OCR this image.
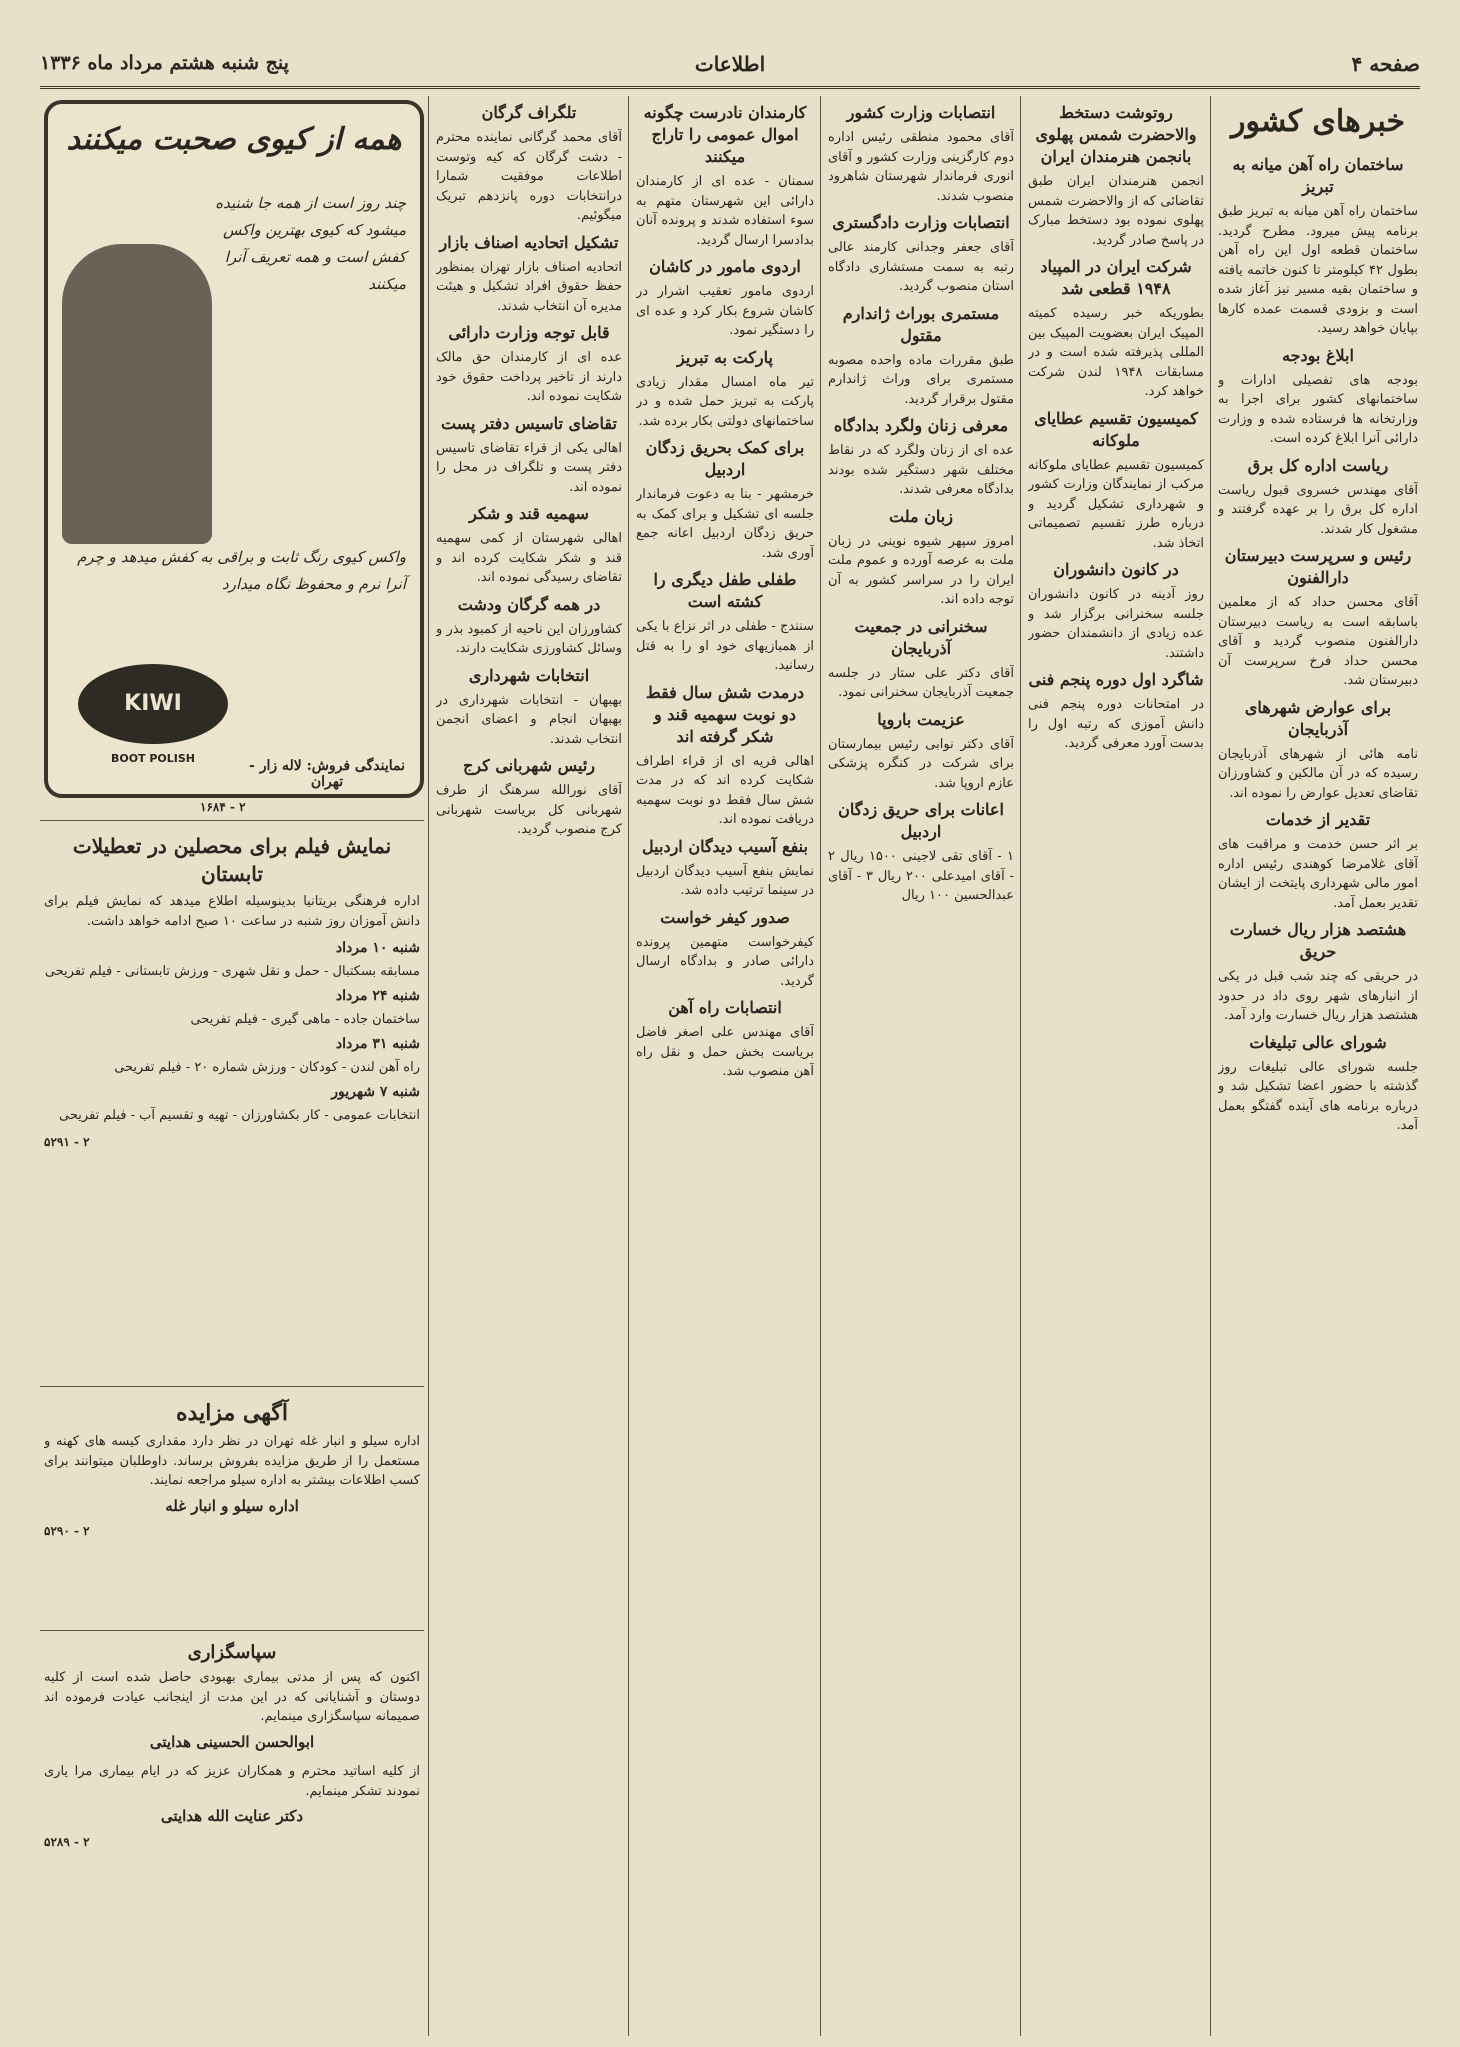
صفحه ۴
اطلاعات
پنج شنبه هشتم مرداد ماه ۱۳۳۶
خبرهای کشور
ساختمان راه آهن میانه به تبریز

ساختمان راه آهن میانه به تبریز طبق برنامه پیش میرود. مطرح گردید. ساختمان قطعه اول این راه آهن بطول ۴۲ کیلومتر تا کنون خاتمه یافته و ساختمان بقیه مسیر نیز آغاز شده است و بزودی قسمت عمده کارها بپایان خواهد رسید.

ابلاغ بودجه

بودجه های تفصیلی ادارات و ساختمانهای کشور برای اجرا به وزارتخانه ها فرستاده شده و وزارت دارائی آنرا ابلاغ کرده است.

ریاست اداره کل برق

آقای مهندس خسروی قبول ریاست اداره کل برق را بر عهده گرفتند و مشغول کار شدند.

رئیس و سرپرست دبیرستان دارالفنون

آقای محسن حداد که از معلمین باسابقه است به ریاست دبیرستان دارالفنون منصوب گردید و آقای محسن حداد فرخ سرپرست آن دبیرستان شد.

برای عوارض شهرهای آذربایجان

نامه هائی از شهرهای آذربایجان رسیده که در آن مالکین و کشاورزان تقاضای تعدیل عوارض را نموده اند.

تقدیر از خدمات

بر اثر حسن خدمت و مراقبت های آقای غلامرضا کوهندی رئیس اداره امور مالی شهرداری پایتخت از ایشان تقدیر بعمل آمد.

هشتصد هزار ریال خسارت حریق

در حریقی که چند شب قبل در یکی از انبارهای شهر روی داد در حدود هشتصد هزار ریال خسارت وارد آمد.

شورای عالی تبلیغات

جلسه شورای عالی تبلیغات روز گذشته با حضور اعضا تشکیل شد و درباره برنامه های آینده گفتگو بعمل آمد.

روتوشت دستخط والاحضرت شمس پهلوی بانجمن هنرمندان ایران

انجمن هنرمندان ایران طبق تقاضائی که از والاحضرت شمس پهلوی نموده بود دستخط مبارک در پاسخ صادر گردید.

شرکت ایران در المپیاد ۱۹۴۸ قطعی شد

بطوریکه خبر رسیده کمیته المپیک ایران بعضویت المپیک بین المللی پذیرفته شده است و در مسابقات ۱۹۴۸ لندن شرکت خواهد کرد.

کمیسیون تقسیم عطایای ملوکانه

کمیسیون تقسیم عطایای ملوکانه مرکب از نمایندگان وزارت کشور و شهرداری تشکیل گردید و درباره طرز تقسیم تصمیماتی اتخاذ شد.

در کانون دانشوران

روز آدینه در کانون دانشوران جلسه سخنرانی برگزار شد و عده زیادی از دانشمندان حضور داشتند.

شاگرد اول دوره پنجم فنی

در امتحانات دوره پنجم فنی دانش آموزی که رتبه اول را بدست آورد معرفی گردید.

انتصابات وزارت کشور

آقای محمود منطقی رئیس اداره دوم کارگزینی وزارت کشور و آقای انوری فرماندار شهرستان شاهرود منصوب شدند.

انتصابات وزارت دادگستری

آقای جعفر وجدانی کارمند عالی رتبه به سمت مستشاری دادگاه استان منصوب گردید.

مستمری بوراث ژاندارم مقتول

طبق مقررات ماده واحده مصوبه مستمری برای وراث ژاندارم مقتول برقرار گردید.

معرفی زنان ولگرد بدادگاه

عده ای از زنان ولگرد که در نقاط مختلف شهر دستگیر شده بودند بدادگاه معرفی شدند.

زبان ملت

امروز سپهر شیوه نوینی در زبان ملت به عرصه آورده و عموم ملت ایران را در سراسر کشور به آن توجه داده اند.

سخنرانی در جمعیت آذربایجان

آقای دکتر علی ستار در جلسه جمعیت آذربایجان سخنرانی نمود.

عزیمت باروپا

آقای دکتر نوابی رئیس بیمارستان برای شرکت در کنگره پزشکی عازم اروپا شد.

اعانات برای حریق زدگان اردبیل

۱ - آقای تقی لاجینی ۱۵۰۰ ریال ۲ - آقای امیدعلی ۲۰۰ ریال ۳ - آقای عبدالحسین ۱۰۰ ریال

کارمندان نادرست چگونه اموال عمومی را تاراج میکنند

سمنان - عده ای از کارمندان دارائی این شهرستان متهم به سوء استفاده شدند و پرونده آنان بدادسرا ارسال گردید.

اردوی مامور در کاشان

اردوی مامور تعقیب اشرار در کاشان شروع بکار کرد و عده ای را دستگیر نمود.

پارکت به تبریز

تیر ماه امسال مقدار زیادی پارکت به تبریز حمل شده و در ساختمانهای دولتی بکار برده شد.

برای کمک بحریق زدگان اردبیل

خرمشهر - بنا به دعوت فرماندار جلسه ای تشکیل و برای کمک به حریق زدگان اردبیل اعانه جمع آوری شد.

طفلی طفل دیگری را کشته است

سنندج - طفلی در اثر نزاع با یکی از همبازیهای خود او را به قتل رسانید.

درمدت شش سال فقط دو نوبت سهمیه قند و شکر گرفته اند

اهالی قریه ای از قراء اطراف شکایت کرده اند که در مدت شش سال فقط دو نوبت سهمیه دریافت نموده اند.

بنفع آسیب دیدگان اردبیل

نمایش بنفع آسیب دیدگان اردبیل در سینما ترتیب داده شد.

صدور کیفر خواست

کیفرخواست متهمین پرونده دارائی صادر و بدادگاه ارسال گردید.

انتصابات راه آهن

آقای مهندس علی اصغر فاضل بریاست بخش حمل و نقل راه آهن منصوب شد.

تلگراف گرگان

آقای محمد گرگانی نماینده محترم - دشت گرگان که کیه وتوست اطلاعات موفقیت شمارا درانتخابات دوره پانزدهم تبریک میگوئیم.

تشکیل اتحادیه اصناف بازار

اتحادیه اصناف بازار تهران بمنظور حفظ حقوق افراد تشکیل و هیئت مدیره آن انتخاب شدند.

قابل توجه وزارت دارائی

عده ای از کارمندان حق مالک دارند از تاخیر پرداخت حقوق خود شکایت نموده اند.

تقاضای تاسیس دفتر پست

اهالی یکی از قراء تقاضای تاسیس دفتر پست و تلگراف در محل را نموده اند.

سهمیه قند و شکر

اهالی شهرستان از کمی سهمیه قند و شکر شکایت کرده اند و تقاضای رسیدگی نموده اند.

در همه گرگان ودشت

کشاورزان این ناحیه از کمبود بذر و وسائل کشاورزی شکایت دارند.

انتخابات شهرداری

بهبهان - انتخابات شهرداری در بهبهان انجام و اعضای انجمن انتخاب شدند.

رئیس شهربانی کرج

آقای نورالله سرهنگ از طرف شهربانی کل بریاست شهربانی کرج منصوب گردید.

همه از کیوی صحبت میکنند
چند روز است از همه جا شنیده میشود که کیوی بهترین واکس کفش است و همه تعریف آنرا میکنند
واکس کیوی رنگ ثابت و براقی به کفش میدهد و چرم آنرا نرم و محفوظ نگاه میدارد
KIWI
BOOT POLISH	نمایندگی فروش: لاله زار - تهران
۱۶۸۴ - ۲
نمایش فیلم برای محصلین در تعطیلات تابستان

اداره فرهنگی بریتانیا بدینوسیله اطلاع میدهد که نمایش فیلم برای دانش آموزان روز شنبه در ساعت ۱۰ صبح ادامه خواهد داشت.

شنبه ۱۰ مرداد
مسابقه بسکتبال - حمل و نقل شهری - ورزش تابستانی - فیلم تفریحی
شنبه ۲۴ مرداد
ساختمان جاده - ماهی گیری - فیلم تفریحی
شنبه ۳۱ مرداد
راه آهن لندن - کودکان - ورزش شماره ۲۰ - فیلم تفریحی
شنبه ۷ شهریور
انتخابات عمومی - کار بکشاورزان - تهیه و تقسیم آب - فیلم تفریحی
۵۲۹۱ - ۲
آگهی مزایده

اداره سیلو و انبار غله تهران در نظر دارد مقداری کیسه های کهنه و مستعمل را از طریق مزایده بفروش برساند. داوطلبان میتوانند برای کسب اطلاعات بیشتر به اداره سیلو مراجعه نمایند.

اداره سیلو و انبار غله
۵۲۹۰ - ۲
سپاسگزاری

اکنون که پس از مدتی بیماری بهبودی حاصل شده است از کلیه دوستان و آشنایانی که در این مدت از اینجانب عیادت فرموده اند صمیمانه سپاسگزاری مینمایم.

ابوالحسن الحسینی هدایتی

از کلیه اساتید محترم و همکاران عزیز که در ایام بیماری مرا یاری نمودند تشکر مینمایم.

دکتر عنایت الله هدایتی
۵۲۸۹ - ۲
